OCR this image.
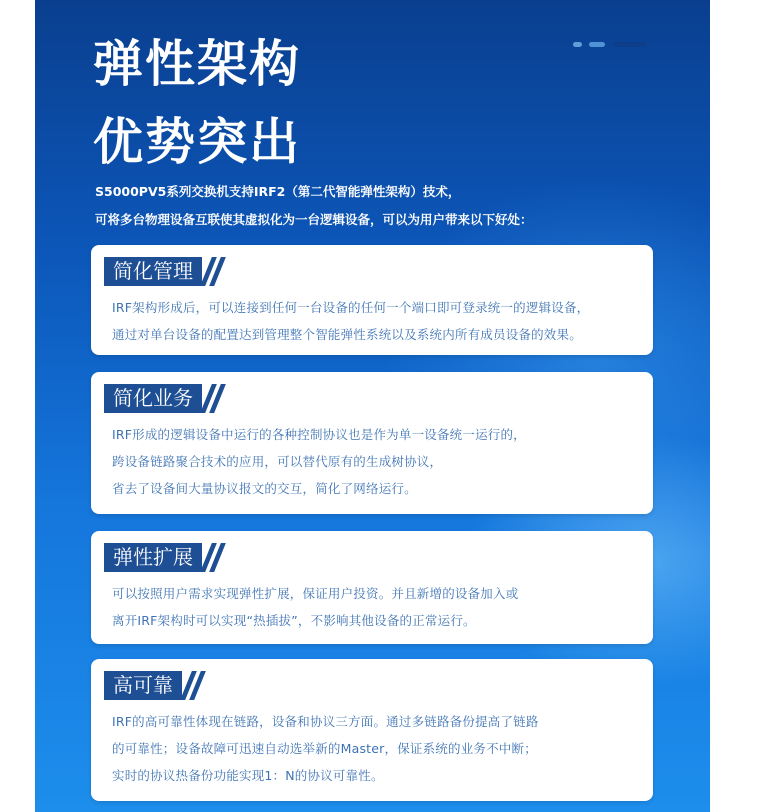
弹性架构
优势突出
S5000PV5系列交换机支持IRF2（第二代智能弹性架构）技术，
可将多台物理设备互联使其虚拟化为一台逻辑设备，可以为用户带来以下好处：
简化管理
IRF架构形成后，可以连接到任何一台设备的任何一个端口即可登录统一的逻辑设备，
通过对单台设备的配置达到管理整个智能弹性系统以及系统内所有成员设备的效果。
简化业务
IRF形成的逻辑设备中运行的各种控制协议也是作为单一设备统一运行的，
跨设备链路聚合技术的应用，可以替代原有的生成树协议，
省去了设备间大量协议报文的交互，简化了网络运行。
弹性扩展
可以按照用户需求实现弹性扩展，保证用户投资。并且新增的设备加入或
离开IRF架构时可以实现“热插拔”，不影响其他设备的正常运行。
高可靠
IRF的高可靠性体现在链路，设备和协议三方面。通过多链路备份提高了链路
的可靠性；设备故障可迅速自动选举新的Master，保证系统的业务不中断；
实时的协议热备份功能实现1：N的协议可靠性。
